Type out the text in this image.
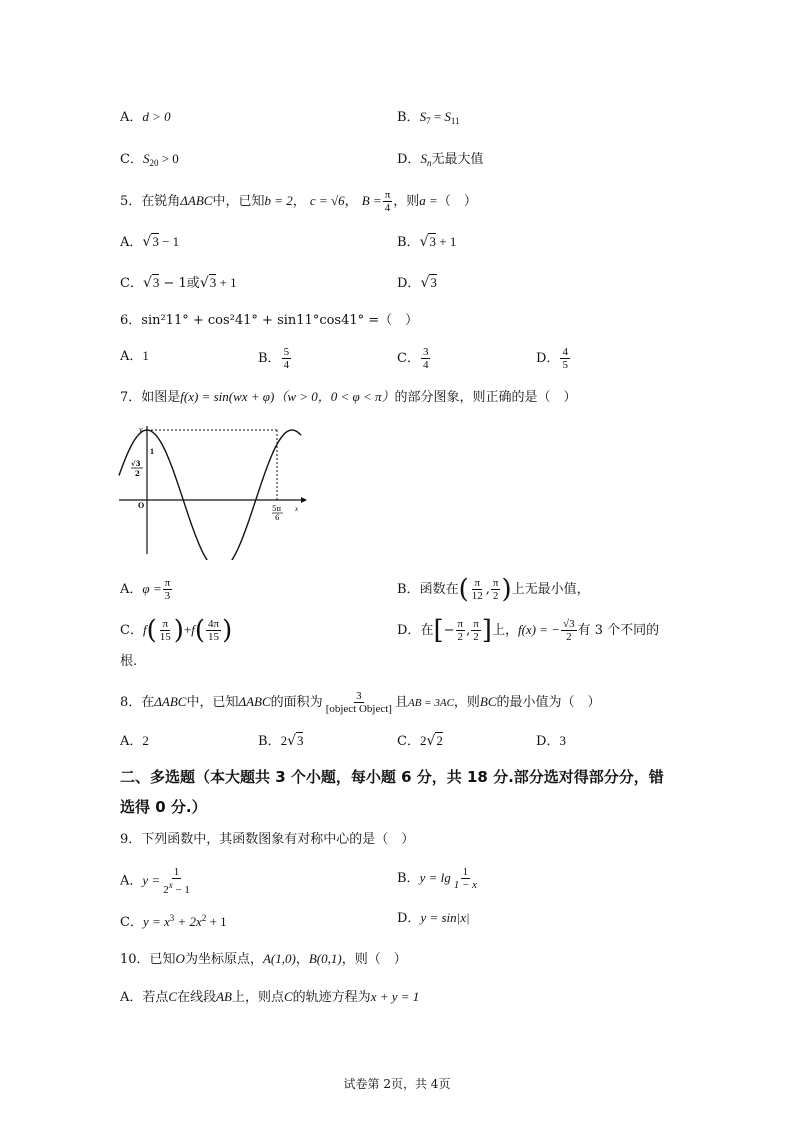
A．d > 0	B．$S_7 = S_{11}$
C．$S_{20} > 0$	D．$S_n$无最大值
5．在锐角ΔABC中，已知b = 2， c = √6， $B = \frac{\pi}{4}$ ，则a =（　）
A．√3 − 1	B．√3 + 1
C．√3 − 1或√3 + 1	D．√3
6．sin²11° + cos²41° + sin11°cos41° =（　）
A．1	B． $\frac{5}{4}$	C． $\frac{3}{4}$	D． $\frac{4}{5}$
7．如图是f(x) = sin(wx + φ)（w > 0，0 < φ < π）的部分图象，则正确的是（　）
y
1
√3
2
O	x
5π
6
A．$\varphi = \frac{\pi}{3}$	B．函数在( $\frac{\pi}{12}$ , $\frac{\pi}{2}$ )上无最小值，
C．$f( \frac{\pi}{15} )+f( \frac{4\pi}{15}$ )	D．在[− $\frac{\pi}{2}$ , $\frac{\pi}{2}$ ]上，f(x) = − $\frac{√3}{2}$ 有 3 个不同的
根.
8．在ΔABC中，已知ΔABC的面积为 $\frac{3}{\text{[object Object]}}$ 且AB = 3AC，则BC的最小值为（　）
A．2	B．2√3	C．2√2	D．3
二、多选题（本大题共 3 个小题，每小题 6 分，共 18 分.部分选对得部分分，错
选得 0 分.）
9．下列函数中，其函数图象有对称中心的是（　）
A．$y = \frac{1}{2^x - 1}$	B．$y = \lg \frac{1}{1 - x}$
C．$y = x^3 + 2x^2 + 1$	D．y = sin|x|
10．已知O为坐标原点，A(1,0)，B(0,1)，则（　）
A．若点C在线段AB上，则点C的轨迹方程为x + y = 1
试卷第 2页，共 4页
